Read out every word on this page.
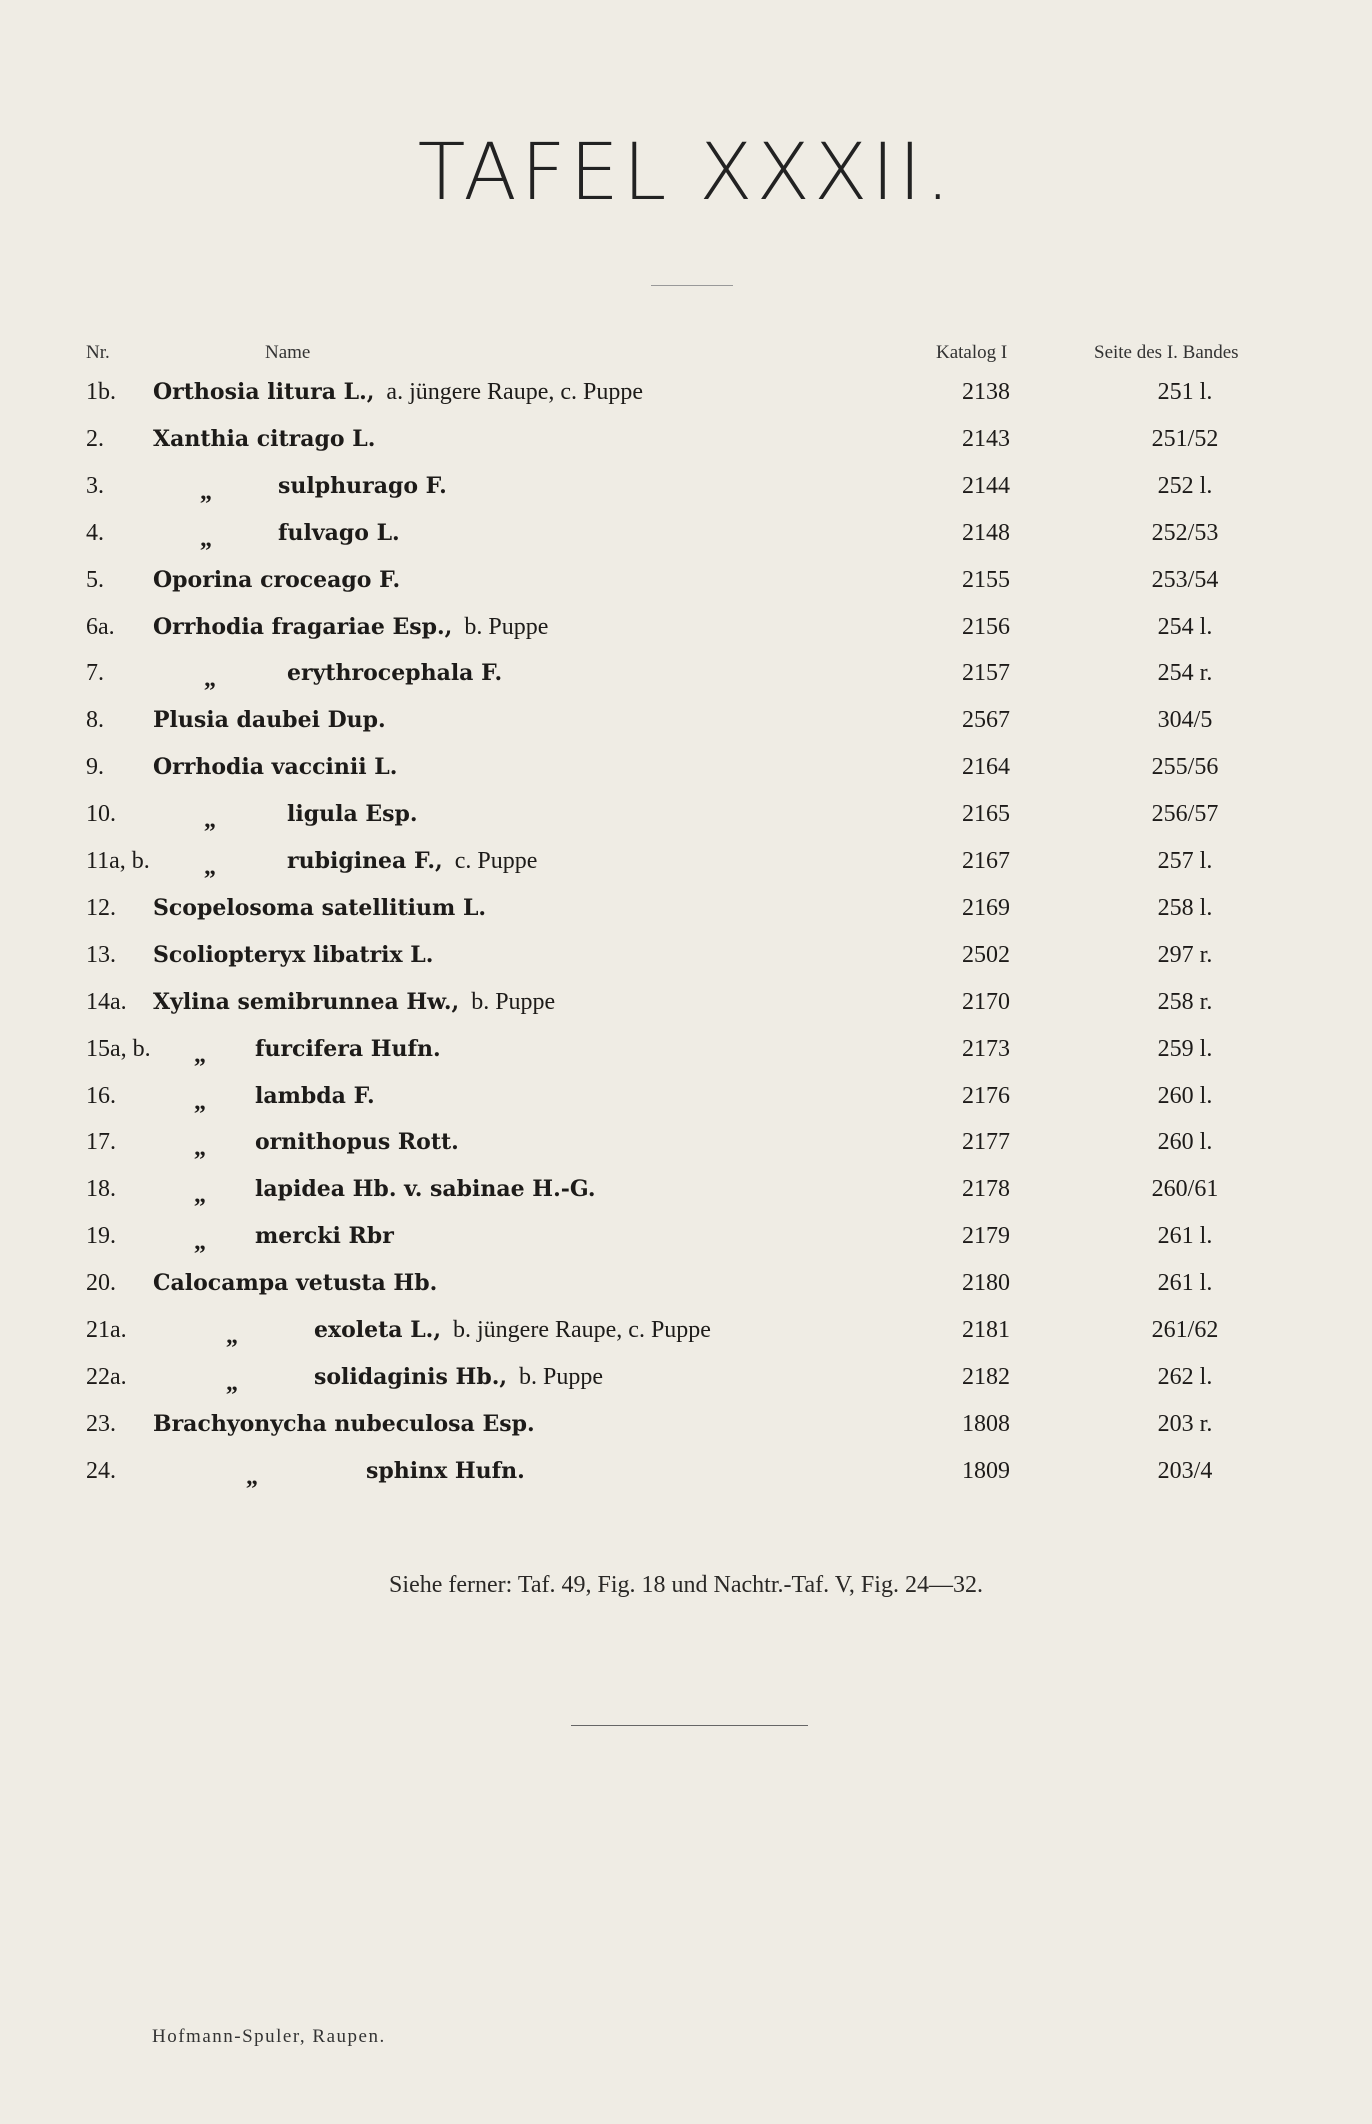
TAFEL XXXII.
Nr.	Name	Katalog I	Seite des I. Bandes
1b. Orthosia litura L., a. jüngere Raupe, c. Puppe	2138	251 l.
2. Xanthia citrago L.	2143	251/52
3.	„	sulphurago F.	2144	252 l.
4.	„	fulvago L.	2148	252/53
5. Oporina croceago F.	2155	253/54
6a. Orrhodia fragariae Esp., b. Puppe	2156	254 l.
7.	„	erythrocephala F.	2157	254 r.
8. Plusia daubei Dup.	2567	304/5
9. Orrhodia vaccinii L.	2164	255/56
10.	„	ligula Esp.	2165	256/57
11a, b. „	rubiginea F., c. Puppe	2167	257 l.
12. Scopelosoma satellitium L.	2169	258 l.
13. Scoliopteryx libatrix L.	2502	297 r.
14a. Xylina semibrunnea Hw., b. Puppe	2170	258 r.
15a, b. „ furcifera Hufn.	2173	259 l.
16.	„ lambda F.	2176	260 l.
17.	„ ornithopus Rott.	2177	260 l.
18.	„ lapidea Hb. v. sabinae H.-G.	2178	260/61
19.	„ mercki Rbr	2179	261 l.
20. Calocampa vetusta Hb.	2180	261 l.
21a.	„	exoleta L., b. jüngere Raupe, c. Puppe	2181	261/62
22a.	„	solidaginis Hb., b. Puppe	2182	262 l.
23. Brachyonycha nubeculosa Esp.	1808	203 r.
24.	„	sphinx Hufn.	1809	203/4
Siehe ferner: Taf. 49, Fig. 18 und Nachtr.-Taf. V, Fig. 24—32.
Hofmann-Spuler, Raupen.
